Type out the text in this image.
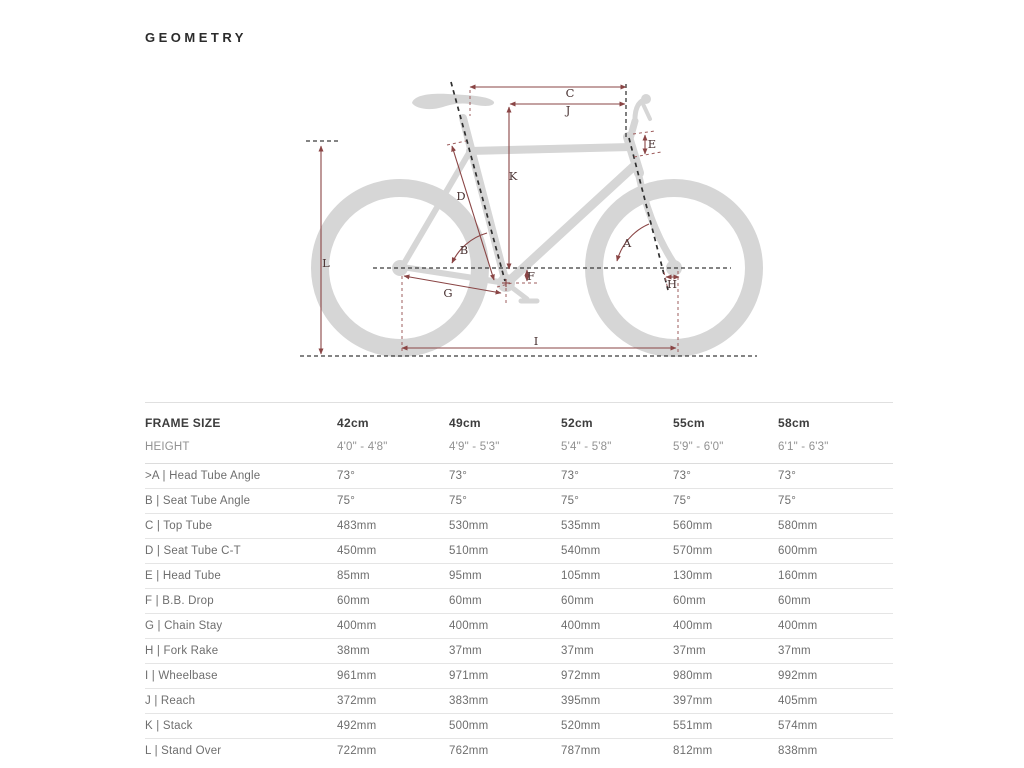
GEOMETRY
C
J
E
K
D
A
B
F
H
G
I
L
FRAME SIZE	42cm	49cm	52cm	55cm	58cm
HEIGHT	4'0" - 4'8"	4'9" - 5'3"	5'4" - 5'8"	5'9" - 6'0"	6'1" - 6'3"
>A | Head Tube Angle	73°	73°	73°	73°	73°
B | Seat Tube Angle	75°	75°	75°	75°	75°
C | Top Tube	483mm	530mm	535mm	560mm	580mm
D | Seat Tube C-T	450mm	510mm	540mm	570mm	600mm
E | Head Tube	85mm	95mm	105mm	130mm	160mm
F | B.B. Drop	60mm	60mm	60mm	60mm	60mm
G | Chain Stay	400mm	400mm	400mm	400mm	400mm
H | Fork Rake	38mm	37mm	37mm	37mm	37mm
I | Wheelbase	961mm	971mm	972mm	980mm	992mm
J | Reach	372mm	383mm	395mm	397mm	405mm
K | Stack	492mm	500mm	520mm	551mm	574mm
L | Stand Over	722mm	762mm	787mm	812mm	838mm
